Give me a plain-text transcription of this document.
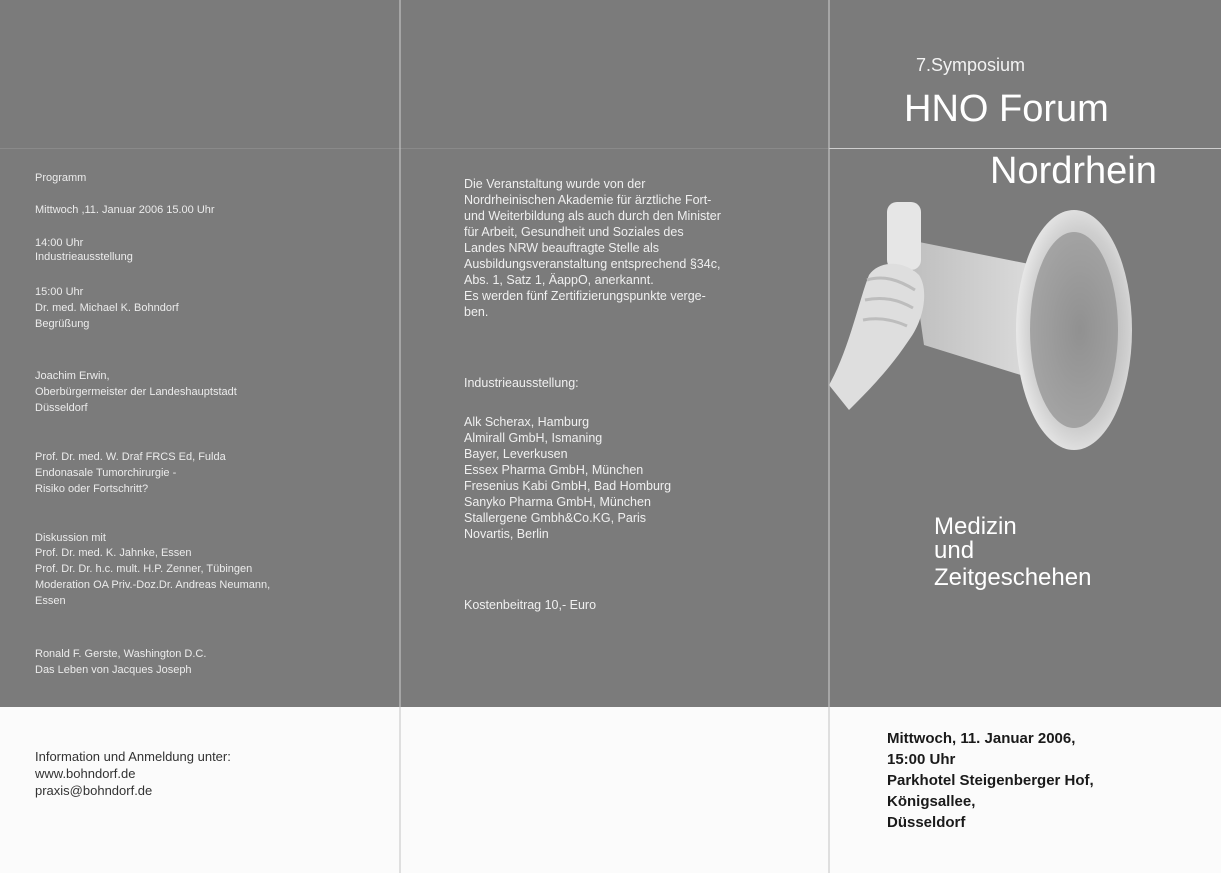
Programm
Mittwoch ,11. Januar 2006 15.00 Uhr
14:00 Uhr
Industrieausstellung
15:00 Uhr
Dr. med. Michael K. Bohndorf
Begrüßung
Joachim Erwin,
Oberbürgermeister der Landeshauptstadt
Düsseldorf
Prof. Dr. med. W. Draf FRCS Ed, Fulda
Endonasale Tumorchirurgie -
Risiko oder Fortschritt?
Diskussion mit
Prof. Dr. med. K. Jahnke, Essen
Prof. Dr. Dr. h.c. mult. H.P. Zenner, Tübingen
Moderation OA Priv.-Doz.Dr. Andreas Neumann,
Essen
Ronald F. Gerste, Washington D.C.
Das Leben von Jacques Joseph
Information und Anmeldung unter:
www.bohndorf.de
praxis@bohndorf.de
Die Veranstaltung wurde von der
Nordrheinischen Akademie für ärztliche Fort-
und Weiterbildung als auch durch den Minister
für Arbeit, Gesundheit und Soziales des
Landes NRW beauftragte Stelle als
Ausbildungsveranstaltung entsprechend §34c,
Abs. 1, Satz 1, ÄappO, anerkannt.
Es werden fünf Zertifizierungspunkte verge-
ben.
Industrieausstellung:
Alk Scherax, Hamburg
Almirall GmbH, Ismaning
Bayer, Leverkusen
Essex Pharma GmbH, München
Fresenius Kabi GmbH, Bad Homburg
Sanyko Pharma GmbH, München
Stallergene Gmbh&Co.KG, Paris
Novartis, Berlin
Kostenbeitrag 10,- Euro
7.Symposium
HNO Forum
Nordrhein
Medizin
und
Zeitgeschehen
Mittwoch, 11. Januar 2006,
15:00 Uhr
Parkhotel Steigenberger Hof,
Königsallee,
Düsseldorf
